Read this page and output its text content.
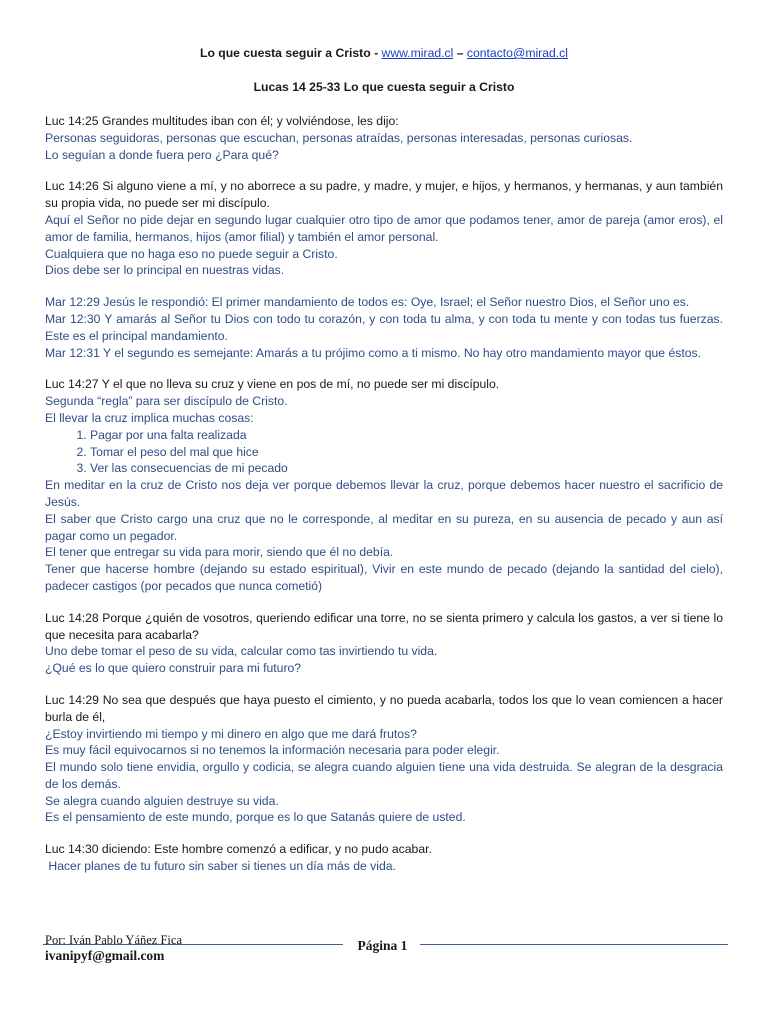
Lo que cuesta seguir a Cristo - www.mirad.cl – contacto@mirad.cl
Lucas 14 25-33 Lo que cuesta seguir a Cristo

Luc 14:25 Grandes multitudes iban con él; y volviéndose, les dijo:

Personas seguidoras, personas que escuchan, personas atraídas, personas interesadas, personas curiosas.

Lo seguían a donde fuera pero ¿Para qué?

Luc 14:26 Si alguno viene a mí, y no aborrece a su padre, y madre, y mujer, e hijos, y hermanos, y hermanas, y aun también su propia vida, no puede ser mi discípulo.

Aquí el Señor no pide dejar en segundo lugar cualquier otro tipo de amor que podamos tener, amor de pareja (amor eros), el amor de familia, hermanos, hijos (amor filial) y también el amor personal.

Cualquiera que no haga eso no puede seguir a Cristo.

Dios debe ser lo principal en nuestras vidas.

Mar 12:29 Jesús le respondió: El primer mandamiento de todos es: Oye, Israel; el Señor nuestro Dios, el Señor uno es.

Mar 12:30 Y amarás al Señor tu Dios con todo tu corazón, y con toda tu alma, y con toda tu mente y con todas tus fuerzas. Este es el principal mandamiento.

Mar 12:31 Y el segundo es semejante: Amarás a tu prójimo como a ti mismo. No hay otro mandamiento mayor que éstos.

Luc 14:27 Y el que no lleva su cruz y viene en pos de mí, no puede ser mi discípulo.

Segunda “regla” para ser discípulo de Cristo.

El llevar la cruz implica muchas cosas:

1. Pagar por una falta realizada
2. Tomar el peso del mal que hice
3. Ver las consecuencias de mi pecado

En meditar en la cruz de Cristo nos deja ver porque debemos llevar la cruz, porque debemos hacer nuestro el sacrificio de Jesús.

El saber que Cristo cargo una cruz que no le corresponde, al meditar en su pureza, en su ausencia de pecado y aun así pagar como un pegador.

El tener que entregar su vida para morir, siendo que él no debía.

Tener que hacerse hombre (dejando su estado espiritual), Vivir en este mundo de pecado (dejando la santidad del cielo), padecer castigos (por pecados que nunca cometió)

Luc 14:28 Porque ¿quién de vosotros, queriendo edificar una torre, no se sienta primero y calcula los gastos, a ver si tiene lo que necesita para acabarla?

Uno debe tomar el peso de su vida, calcular como tas invirtiendo tu vida.

¿Qué es lo que quiero construir para mi futuro?

Luc 14:29 No sea que después que haya puesto el cimiento, y no pueda acabarla, todos los que lo vean comiencen a hacer burla de él,

¿Estoy invirtiendo mi tiempo y mi dinero en algo que me dará frutos?

Es muy fácil equivocarnos si no tenemos la información necesaria para poder elegir.

El mundo solo tiene envidia, orgullo y codicia, se alegra cuando alguien tiene una vida destruida. Se alegran de la desgracia de los demás.

Se alegra cuando alguien destruye su vida.

Es el pensamiento de este mundo, porque es lo que Satanás quiere de usted.

Luc 14:30 diciendo: Este hombre comenzó a edificar, y no pudo acabar.

Hacer planes de tu futuro sin saber si tienes un día más de vida.

Por: Iván Pablo Yáñez Fica
ivanipyf@gmail.com
Página 1
